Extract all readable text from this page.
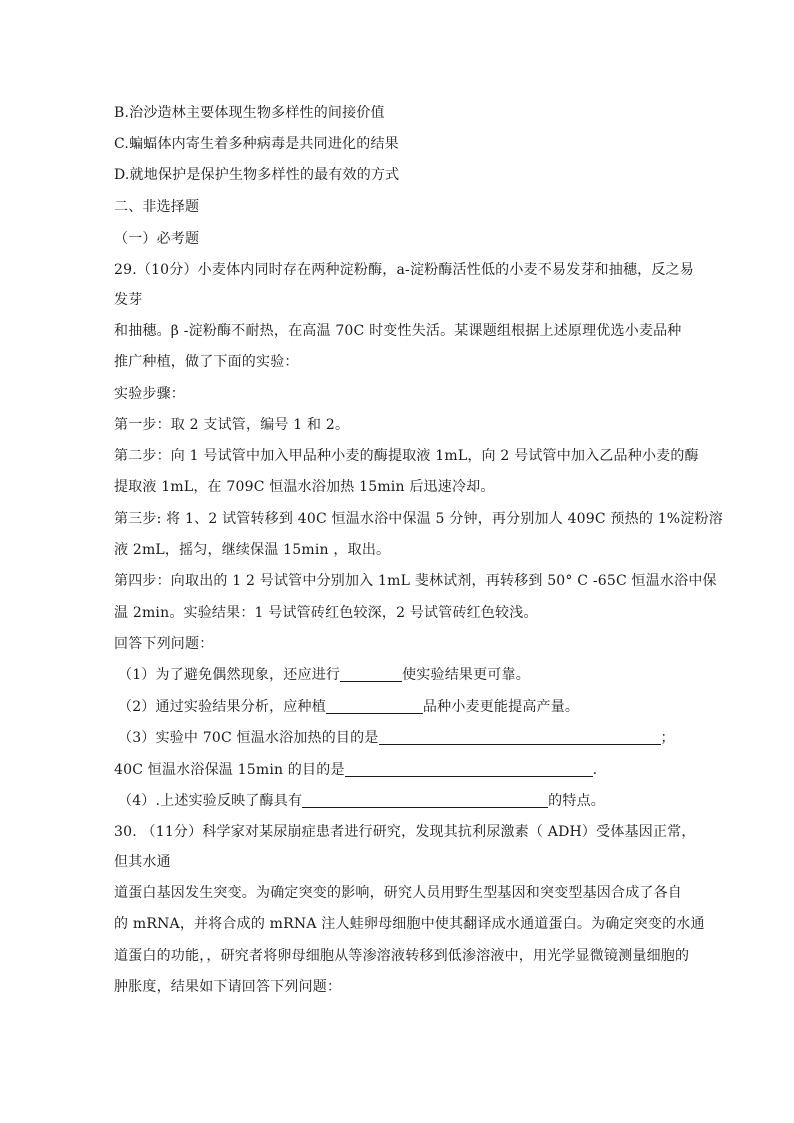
B.治沙造林主要体现生物多样性的间接价值
C.蝙蝠体内寄生着多种病毒是共同进化的结果
D.就地保护是保护生物多样性的最有效的方式
二、非选择题
（一）必考题
29.（10分）小麦体内同时存在两种淀粉酶，a-淀粉酶活性低的小麦不易发芽和抽穗，反之易
发芽
和抽穗。β -淀粉酶不耐热，在高温 70C 时变性失活。某课题组根据上述原理优选小麦品种
推广种植，做了下面的实验：
实验步骤：
第一步：取 2 支试管，编号 1 和 2。
第二步：向 1 号试管中加入甲品种小麦的酶提取液 1mL，向 2 号试管中加入乙品种小麦的酶
提取液 1mL，在 709C 恒温水浴加热 15min 后迅速冷却。
第三步: 将 1、2 试管转移到 40C 恒温水浴中保温 5 分钟，再分别加人 409C 预热的 1%淀粉溶
液 2mL，摇匀，继续保温 15min ，取出。
第四步：向取出的 1 2 号试管中分别加入 1mL 斐林试剂，再转移到 50° C -65C 恒温水浴中保
温 2min。实验结果：1 号试管砖红色较深，2 号试管砖红色较浅。
回答下列问题：
（1）为了避免偶然现象，还应进行	使实验结果更可靠。
（2）通过实验结果分析，应种植	品种小麦更能提高产量。
（3）实验中 70C 恒温水浴加热的目的是	；
40C 恒温水浴保温 15min 的目的是	.
（4）.上述实验反映了酶具有	的特点。
30. （11分）科学家对某尿崩症患者进行研究，发现其抗利尿激素（ ADH）受体基因正常，
但其水通
道蛋白基因发生突变。为确定突变的影响，研究人员用野生型基因和突变型基因合成了各自
的 mRNA，并将合成的 mRNA 注人蛙卵母细胞中使其翻译成水通道蛋白。为确定突变的水通
道蛋白的功能，，研究者将卵母细胞从等渗溶液转移到低渗溶液中，用光学显微镜测量细胞的
肿胀度，结果如下请回答下列问题：
